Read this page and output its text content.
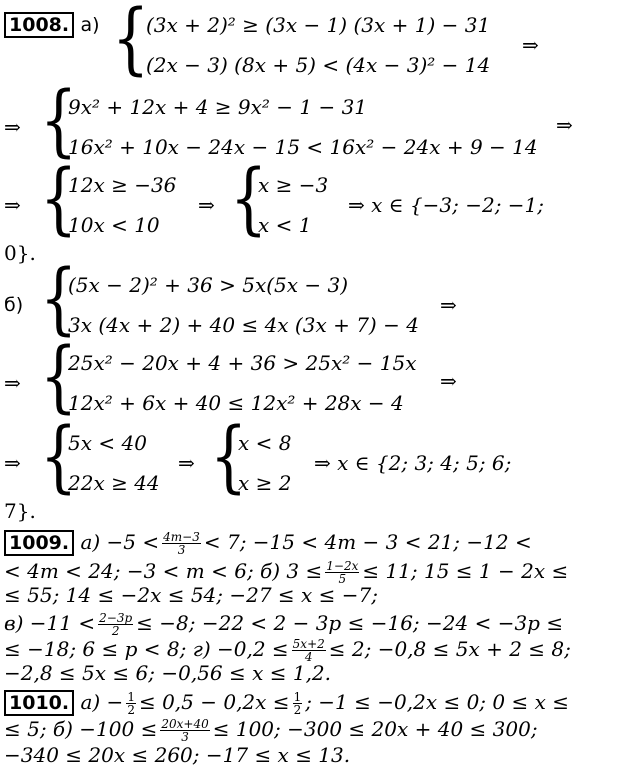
1008. а) {
(3x + 2)² ≥ (3x − 1) (3x + 1) − 31
(2x − 3) (8x + 5) < (4x − 3)² − 14
⇒
⇒ {
9x² + 12x + 4 ≥ 9x² − 1 − 31
16x² + 10x − 24x − 15 < 16x² − 24x + 9 − 14
⇒
⇒ {
12x ≥ −36
10x < 10
⇒ {
x ≥ −3
x < 1
⇒ x ∈ {−3; −2; −1;
0}.
б) {
(5x − 2)² + 36 > 5x(5x − 3)
3x (4x + 2) + 40 ≤ 4x (3x + 7) − 4
⇒
⇒ {
25x² − 20x + 4 + 36 > 25x² − 15x
12x² + 6x + 40 ≤ 12x² + 28x − 4
⇒
⇒ {
5x < 40
22x ≥ 44
⇒ {
x < 8
x ≥ 2
⇒ x ∈ {2; 3; 4; 5; 6;
7}.
1009. $а) -5 < \frac{4m-3}{3} < 7$; −15 < 4m − 3 < 21; −12 <
< 4m < 24; −3 < m < 6; б) $3 \le \frac{1-2x}{5} \le 11$; 15 ≤ 1 − 2x ≤
≤ 55; 14 ≤ −2x ≤ 54; −27 ≤ x ≤ −7;
$в) -11 < \frac{2-3p}{2} \le -8$; −22 < 2 − 3p ≤ −16; −24 < −3p ≤
≤ −18; 6 ≤ p < 8; $г) -0,2 \le \frac{5x+2}{4} \le 2$; −0,8 ≤ 5x + 2 ≤ 8;
−2,8 ≤ 5x ≤ 6; −0,56 ≤ x ≤ 1,2.
1010. $а) - \frac{1}{2} \le 0,5 - 0,2x \le \frac{1}{2}$ ; −1 ≤ −0,2x ≤ 0; 0 ≤ x ≤
≤ 5; $б) -100 \le \frac{20x+40}{3} \le 100$; −300 ≤ 20x + 40 ≤ 300;
−340 ≤ 20x ≤ 260; −17 ≤ x ≤ 13.
